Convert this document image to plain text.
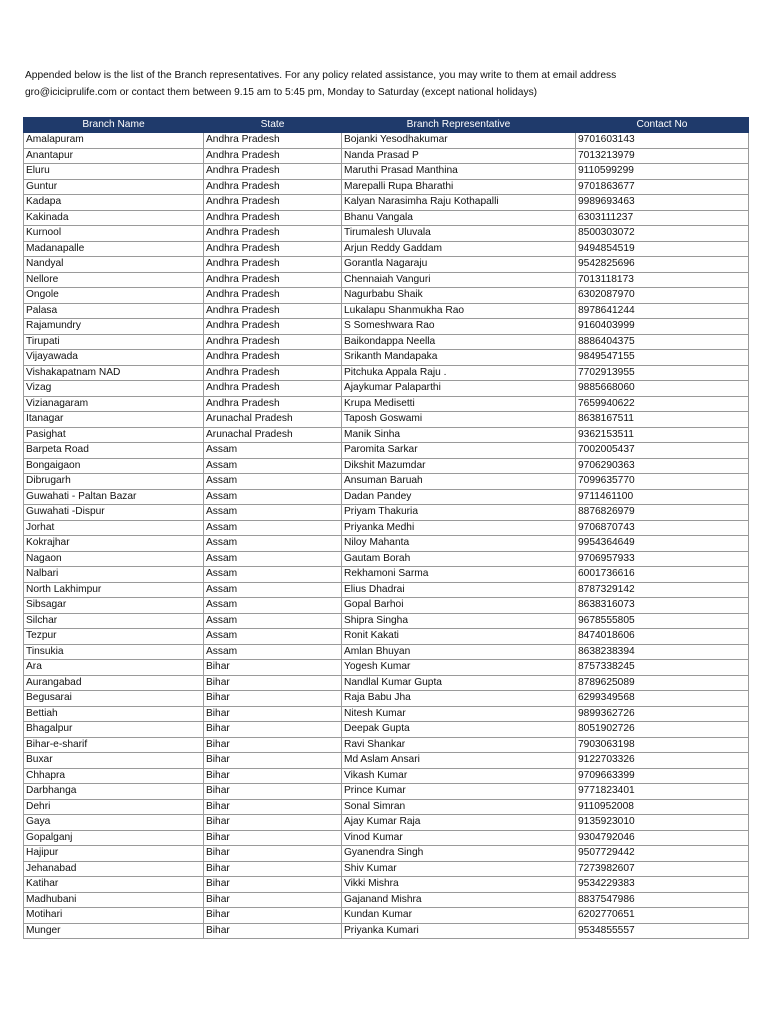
Appended below is the list of the Branch representatives. For any policy related assistance, you may write to them at email address

gro@iciciprulife.com or contact them between 9.15 am to 5:45 pm, Monday to Saturday (except national holidays)

Branch Name	State	Branch Representative	Contact No
Amalapuram	Andhra Pradesh	Bojanki Yesodhakumar	9701603143
Anantapur	Andhra Pradesh	Nanda Prasad P	7013213979
Eluru	Andhra Pradesh	Maruthi Prasad Manthina	9110599299
Guntur	Andhra Pradesh	Marepalli Rupa Bharathi	9701863677
Kadapa	Andhra Pradesh	Kalyan Narasimha Raju Kothapalli	9989693463
Kakinada	Andhra Pradesh	Bhanu Vangala	6303111237
Kurnool	Andhra Pradesh	Tirumalesh Uluvala	8500303072
Madanapalle	Andhra Pradesh	Arjun Reddy Gaddam	9494854519
Nandyal	Andhra Pradesh	Gorantla Nagaraju	9542825696
Nellore	Andhra Pradesh	Chennaiah Vanguri	7013118173
Ongole	Andhra Pradesh	Nagurbabu Shaik	6302087970
Palasa	Andhra Pradesh	Lukalapu Shanmukha Rao	8978641244
Rajamundry	Andhra Pradesh	S Someshwara Rao	9160403999
Tirupati	Andhra Pradesh	Baikondappa Neella	8886404375
Vijayawada	Andhra Pradesh	Srikanth Mandapaka	9849547155
Vishakapatnam NAD	Andhra Pradesh	Pitchuka Appala Raju .	7702913955
Vizag	Andhra Pradesh	Ajaykumar Palaparthi	9885668060
Vizianagaram	Andhra Pradesh	Krupa Medisetti	7659940622
Itanagar	Arunachal Pradesh	Taposh Goswami	8638167511
Pasighat	Arunachal Pradesh	Manik Sinha	9362153511
Barpeta Road	Assam	Paromita Sarkar	7002005437
Bongaigaon	Assam	Dikshit Mazumdar	9706290363
Dibrugarh	Assam	Ansuman Baruah	7099635770
Guwahati - Paltan Bazar	Assam	Dadan Pandey	9711461100
Guwahati -Dispur	Assam	Priyam Thakuria	8876826979
Jorhat	Assam	Priyanka Medhi	9706870743
Kokrajhar	Assam	Niloy Mahanta	9954364649
Nagaon	Assam	Gautam Borah	9706957933
Nalbari	Assam	Rekhamoni Sarma	6001736616
North Lakhimpur	Assam	Elius Dhadrai	8787329142
Sibsagar	Assam	Gopal Barhoi	8638316073
Silchar	Assam	Shipra Singha	9678555805
Tezpur	Assam	Ronit Kakati	8474018606
Tinsukia	Assam	Amlan Bhuyan	8638238394
Ara	Bihar	Yogesh Kumar	8757338245
Aurangabad	Bihar	Nandlal Kumar Gupta	8789625089
Begusarai	Bihar	Raja Babu Jha	6299349568
Bettiah	Bihar	Nitesh Kumar	9899362726
Bhagalpur	Bihar	Deepak Gupta	8051902726
Bihar-e-sharif	Bihar	Ravi Shankar	7903063198
Buxar	Bihar	Md Aslam Ansari	9122703326
Chhapra	Bihar	Vikash Kumar	9709663399
Darbhanga	Bihar	Prince Kumar	9771823401
Dehri	Bihar	Sonal Simran	9110952008
Gaya	Bihar	Ajay Kumar Raja	9135923010
Gopalganj	Bihar	Vinod Kumar	9304792046
Hajipur	Bihar	Gyanendra Singh	9507729442
Jehanabad	Bihar	Shiv Kumar	7273982607
Katihar	Bihar	Vikki Mishra	9534229383
Madhubani	Bihar	Gajanand Mishra	8837547986
Motihari	Bihar	Kundan Kumar	6202770651
Munger	Bihar	Priyanka Kumari	9534855557
